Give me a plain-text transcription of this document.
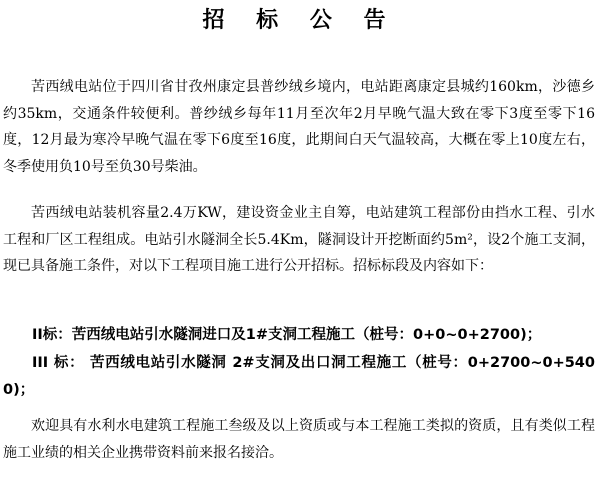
招 标 公 告

苦西绒电站位于四川省甘孜州康定县普纱绒乡境内，电站距离康定县城约160km，沙德乡约35km，交通条件较便利。普纱绒乡每年11月至次年2月早晚气温大致在零下3度至零下16度，12月最为寒冷早晚气温在零下6度至16度，此期间白天气温较高，大概在零上10度左右，冬季使用负10号至负30号柴油。

苦西绒电站装机容量2.4万KW，建设资金业主自筹，电站建筑工程部份由挡水工程、引水工程和厂区工程组成。电站引水隧洞全长5.4Km，隧洞设计开挖断面约5m²，设2个施工支洞，现已具备施工条件，对以下工程项目施工进行公开招标。招标标段及内容如下：

II标：苦西绒电站引水隧洞进口及1#支洞工程施工（桩号：0+0~0+2700)；

III 标： 苦西绒电站引水隧洞 2#支洞及出口洞工程施工（桩号：0+2700~0+5400)；

欢迎具有水利水电建筑工程施工叁级及以上资质或与本工程施工类拟的资质，且有类似工程施工业绩的相关企业携带资料前来报名接洽。
